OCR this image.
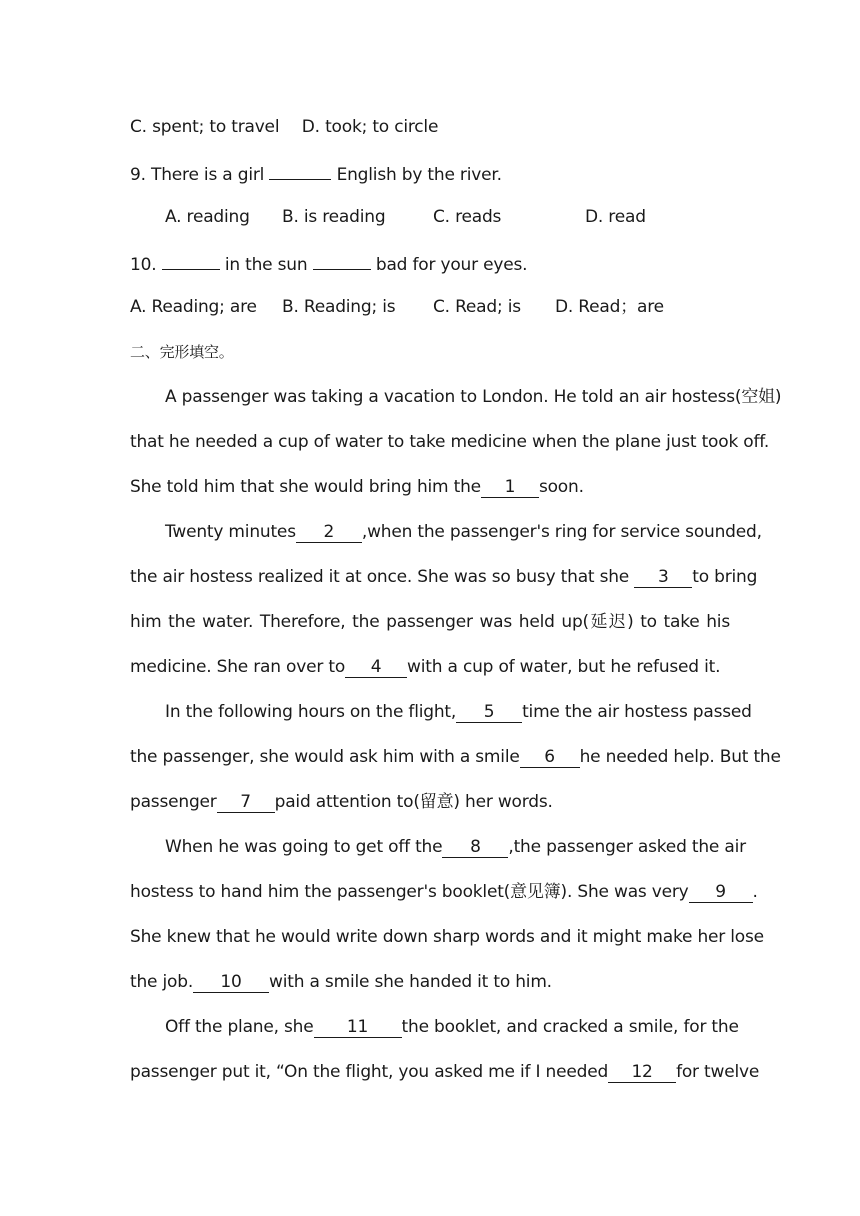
C. spent; to travel D. took; to circle
9. There is a girl	English by the river.
A. reading B. is reading	C. reads	D. read
10.	in the sun	bad for your eyes.
A. Reading; are B. Reading; is C. Read; is D. Read；are
二、完形填空。
A passenger was taking a vacation to London. He told an air hostess(空姐)
that he needed a cup of water to take medicine when the plane just took off.
She told him that she would bring him the 1 soon.
Twenty minutes 2 ,when the passenger's ring for service sounded,
the air hostess realized it at once. She was so busy that she 3 to bring
him the water. Therefore, the passenger was held up(延迟) to take his
medicine. She ran over to 4 with a cup of water, but he refused it.
In the following hours on the flight, 5 time the air hostess passed
the passenger, she would ask him with a smile 6 he needed help. But the
passenger 7 paid attention to(留意) her words.
When he was going to get off the 8 ,the passenger asked the air
hostess to hand him the passenger's booklet(意见簿). She was very 9 .
She knew that he would write down sharp words and it might make her lose
the job. 10 with a smile she handed it to him.
Off the plane, she 11 the booklet, and cracked a smile, for the
passenger put it, “On the flight, you asked me if I needed 12 for twelve
